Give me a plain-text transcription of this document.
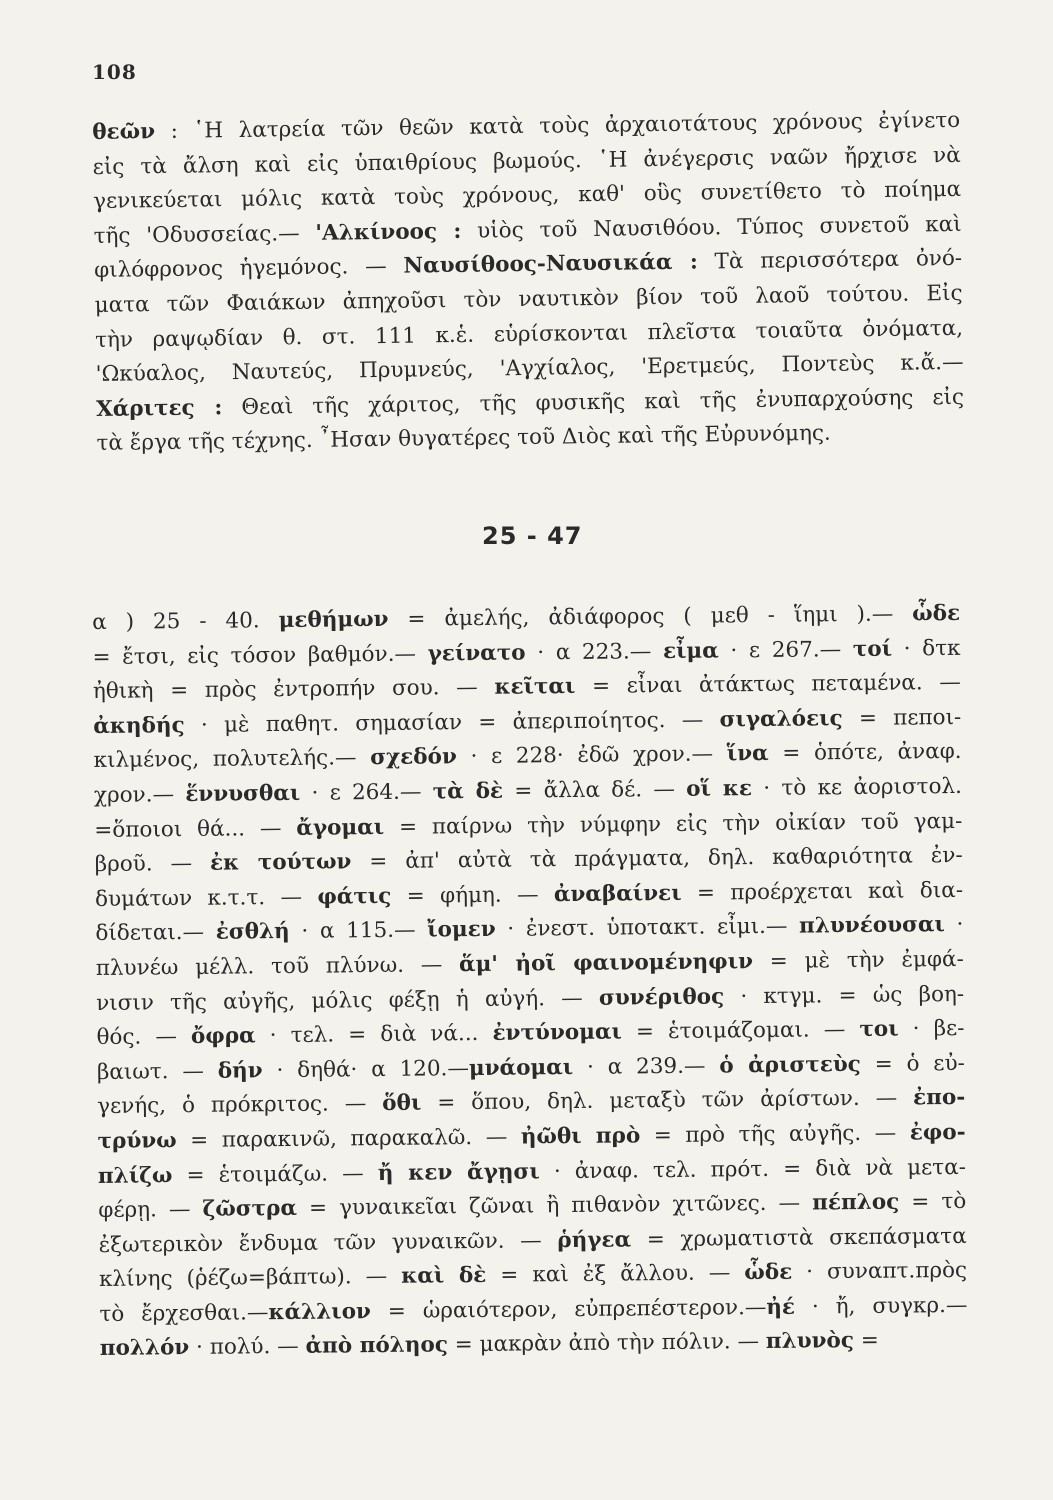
108
θεῶν : ῾Η λατρεία τῶν θεῶν κατὰ τοὺς ἀρχαιοτάτους χρόνους ἐγίνετο
εἰς τὰ ἄλση καὶ εἰς ὑπαιθρίους βωμούς. ῾Η ἀνέγερσις ναῶν ἤρχισε νὰ
γενικεύεται μόλις κατὰ τοὺς χρόνους, καθ' οὓς συνετίθετο τὸ ποίημα
τῆς 'Οδυσσείας.— 'Αλκίνοος : υἱὸς τοῦ Ναυσιθόου. Τύπος συνετοῦ καὶ
φιλόφρονος ἡγεμόνος. — Ναυσίθοος-Ναυσικάα : Τὰ περισσότερα ὀνό-
ματα τῶν Φαιάκων ἀπηχοῦσι τὸν ναυτικὸν βίον τοῦ λαοῦ τούτου. Εἰς
τὴν ραψῳδίαν θ. στ. 111 κ.ἑ. εὑρίσκονται πλεῖστα τοιαῦτα ὀνόματα,
'Ωκύαλος, Ναυτεύς, Πρυμνεύς, 'Αγχίαλος, 'Ερετμεύς, Ποντεὺς κ.ἄ.—
Χάριτες : Θεαὶ τῆς χάριτος, τῆς φυσικῆς καὶ τῆς ἐνυπαρχούσης εἰς
τὰ ἔργα τῆς τέχνης. ῏Ησαν θυγατέρες τοῦ Διὸς καὶ τῆς Εὐρυνόμης.
25 - 47
α ) 25 - 40. μεθήμων = ἀμελής, ἀδιάφορος ( μεθ - ἵημι ).— ὧδε
= ἔτσι, εἰς τόσον βαθμόν.— γείνατο · α 223.— εἶμα · ε 267.— τοί · δτκ
ἠθικὴ = πρὸς ἐντροπήν σου. — κεῖται = εἶναι ἀτάκτως πεταμένα. —
ἀκηδής · μὲ παθητ. σημασίαν = ἀπεριποίητος. — σιγαλόεις = πεποι-
κιλμένος, πολυτελής.— σχεδόν · ε 228· ἐδῶ χρον.— ἵνα = ὁπότε, ἀναφ.
χρον.— ἕννυσθαι · ε 264.— τὰ δὲ = ἄλλα δέ. — οἵ κε · τὸ κε ἀοριστολ.
=ὅποιοι θά... — ἄγομαι = παίρνω τὴν νύμφην εἰς τὴν οἰκίαν τοῦ γαμ-
βροῦ. — ἐκ τούτων = ἀπ' αὐτὰ τὰ πράγματα, δηλ. καθαριότητα ἐν-
δυμάτων κ.τ.τ. — φάτις = φήμη. — ἀναβαίνει = προέρχεται καὶ δια-
δίδεται.— ἐσθλή · α 115.— ἴομεν · ἐνεστ. ὑποτακτ. εἶμι.— πλυνέουσαι ·
πλυνέω μέλλ. τοῦ πλύνω. — ἅμ' ἠοῖ φαινομένηφιν = μὲ τὴν ἐμφά-
νισιν τῆς αὐγῆς, μόλις φέξῃ ἡ αὐγή. — συνέριθος · κτγμ. = ὡς βοη-
θός. — ὄφρα · τελ. = διὰ νά... ἐντύνομαι = ἑτοιμάζομαι. — τοι · βε-
βαιωτ. — δήν · δηθά· α 120.—μνάομαι · α 239.— ὁ ἀριστεὺς = ὁ εὐ-
γενής, ὁ πρόκριτος. — ὅθι = ὅπου, δηλ. μεταξὺ τῶν ἀρίστων. — ἐπο-
τρύνω = παρακινῶ, παρακαλῶ. — ἠῶθι πρὸ = πρὸ τῆς αὐγῆς. — ἐφο-
πλίζω = ἑτοιμάζω. — ἤ κεν ἄγῃσι · ἀναφ. τελ. πρότ. = διὰ νὰ μετα-
φέρῃ. — ζῶστρα = γυναικεῖαι ζῶναι ἢ πιθανὸν χιτῶνες. — πέπλος = τὸ
ἐξωτερικὸν ἔνδυμα τῶν γυναικῶν. — ῥήγεα = χρωματιστὰ σκεπάσματα
κλίνης (ῥέζω=βάπτω). — καὶ δὲ = καὶ ἐξ ἄλλου. — ὧδε · συναπτ.πρὸς
τὸ ἔρχεσθαι.—κάλλιον = ὡραιότερον, εὐπρεπέστερον.—ἠέ · ἤ, συγκρ.—
πολλόν · πολύ. — ἀπὸ πόληος = μακρὰν ἀπὸ τὴν πόλιν. — πλυνὸς =
